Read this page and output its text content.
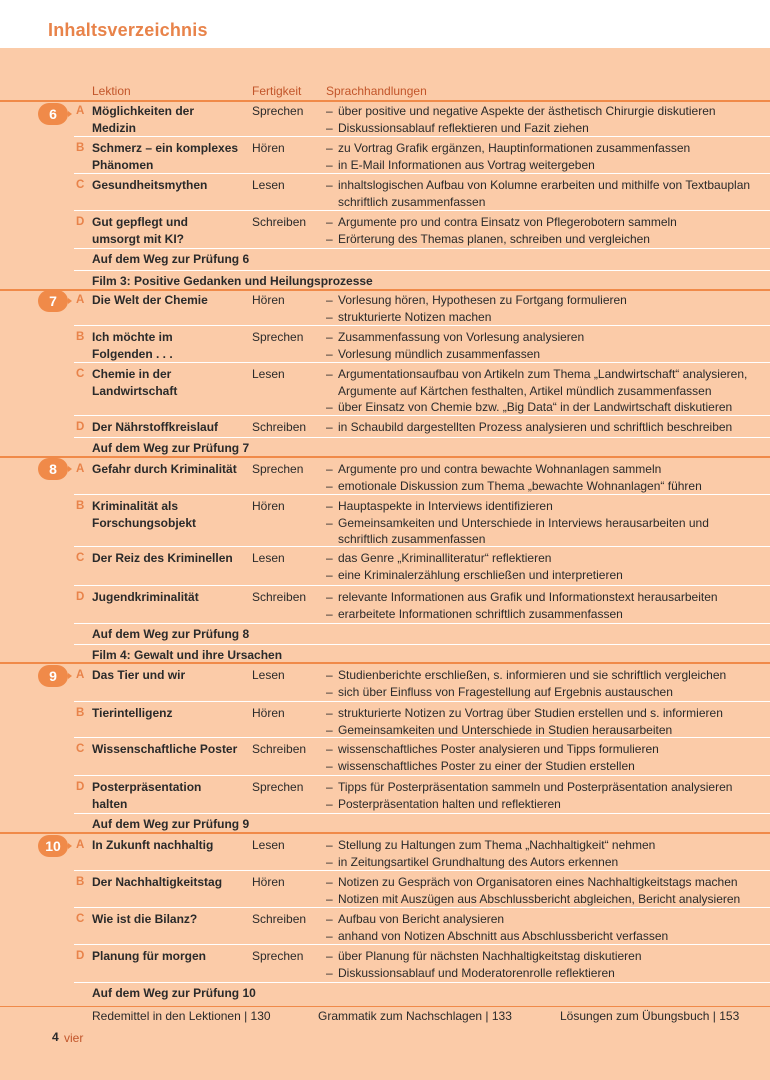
Inhaltsverzeichnis
Lektion	Fertigkeit Sprachhandlungen
6	A Möglichkeiten der
Medizin
Sprechen	– über positive und negative Aspekte der ästhetisch Chirurgie diskutieren
– Diskussionsablauf reflektieren und Fazit ziehen
B Schmerz – ein komplexes
Phänomen
Hören	– zu Vortrag Grafik ergänzen, Hauptinformationen zusammenfassen
– in E-Mail Informationen aus Vortrag weitergeben
C Gesundheitsmythen	Lesen	– inhaltslogischen Aufbau von Kolumne erarbeiten und mithilfe von Textbauplan
schriftlich zusammenfassen
D Gut gepflegt und
umsorgt mit KI?
Schreiben	– Argumente pro und contra Einsatz von Pflegerobotern sammeln
– Erörterung des Themas planen, schreiben und vergleichen
Auf dem Weg zur Prüfung 6
Film 3: Positive Gedanken und Heilungsprozesse
7	A Die Welt der Chemie	Hören	– Vorlesung hören, Hypothesen zu Fortgang formulieren
– strukturierte Notizen machen
B Ich möchte im
Folgenden . . .
Sprechen	– Zusammenfassung von Vorlesung analysieren
– Vorlesung mündlich zusammenfassen
C Chemie in der
Landwirtschaft
Lesen	– Argumentationsaufbau von Artikeln zum Thema „Landwirtschaft“ analysieren,
Argumente auf Kärtchen festhalten, Artikel mündlich zusammenfassen
– über Einsatz von Chemie bzw. „Big Data“ in der Landwirtschaft diskutieren
D Der Nährstoffkreislauf	Schreiben	– in Schaubild dargestellten Prozess analysieren und schriftlich beschreiben
Auf dem Weg zur Prüfung 7
8	A Gefahr durch Kriminalität	Sprechen	– Argumente pro und contra bewachte Wohnanlagen sammeln
– emotionale Diskussion zum Thema „bewachte Wohnanlagen“ führen
B Kriminalität als
Forschungsobjekt
Hören	– Hauptaspekte in Interviews identifizieren
– Gemeinsamkeiten und Unterschiede in Interviews herausarbeiten und
schriftlich zusammenfassen
C Der Reiz des Kriminellen	Lesen	– das Genre „Kriminalliteratur“ reflektieren
– eine Kriminalerzählung erschließen und interpretieren
D Jugendkriminalität	Schreiben	– relevante Informationen aus Grafik und Informationstext herausarbeiten
– erarbeitete Informationen schriftlich zusammenfassen
Auf dem Weg zur Prüfung 8
Film 4: Gewalt und ihre Ursachen
9	A Das Tier und wir	Lesen	– Studienberichte erschließen, s. informieren und sie schriftlich vergleichen
– sich über Einfluss von Fragestellung auf Ergebnis austauschen
B Tierintelligenz	Hören	– strukturierte Notizen zu Vortrag über Studien erstellen und s. informieren
– Gemeinsamkeiten und Unterschiede in Studien herausarbeiten
C Wissenschaftliche Poster	Schreiben	– wissenschaftliches Poster analysieren und Tipps formulieren
– wissenschaftliches Poster zu einer der Studien erstellen
D Posterpräsentation
halten
Sprechen	– Tipps für Posterpräsentation sammeln und Posterpräsentation analysieren
– Posterpräsentation halten und reflektieren
Auf dem Weg zur Prüfung 9
10	A In Zukunft nachhaltig	Lesen	– Stellung zu Haltungen zum Thema „Nachhaltigkeit“ nehmen
– in Zeitungsartikel Grundhaltung des Autors erkennen
B Der Nachhaltigkeitstag	Hören	– Notizen zu Gespräch von Organisatoren eines Nachhaltigkeitstags machen
– Notizen mit Auszügen aus Abschlussbericht abgleichen, Bericht analysieren
C Wie ist die Bilanz?	Schreiben	– Aufbau von Bericht analysieren
– anhand von Notizen Abschnitt aus Abschlussbericht verfassen
D Planung für morgen	Sprechen	– über Planung für nächsten Nachhaltigkeitstag diskutieren
– Diskussionsablauf und Moderatorenrolle reflektieren
Auf dem Weg zur Prüfung 10
Redemittel in den Lektionen | 130	Grammatik zum Nachschlagen | 133	Lösungen zum Übungsbuch | 153
4 vier
